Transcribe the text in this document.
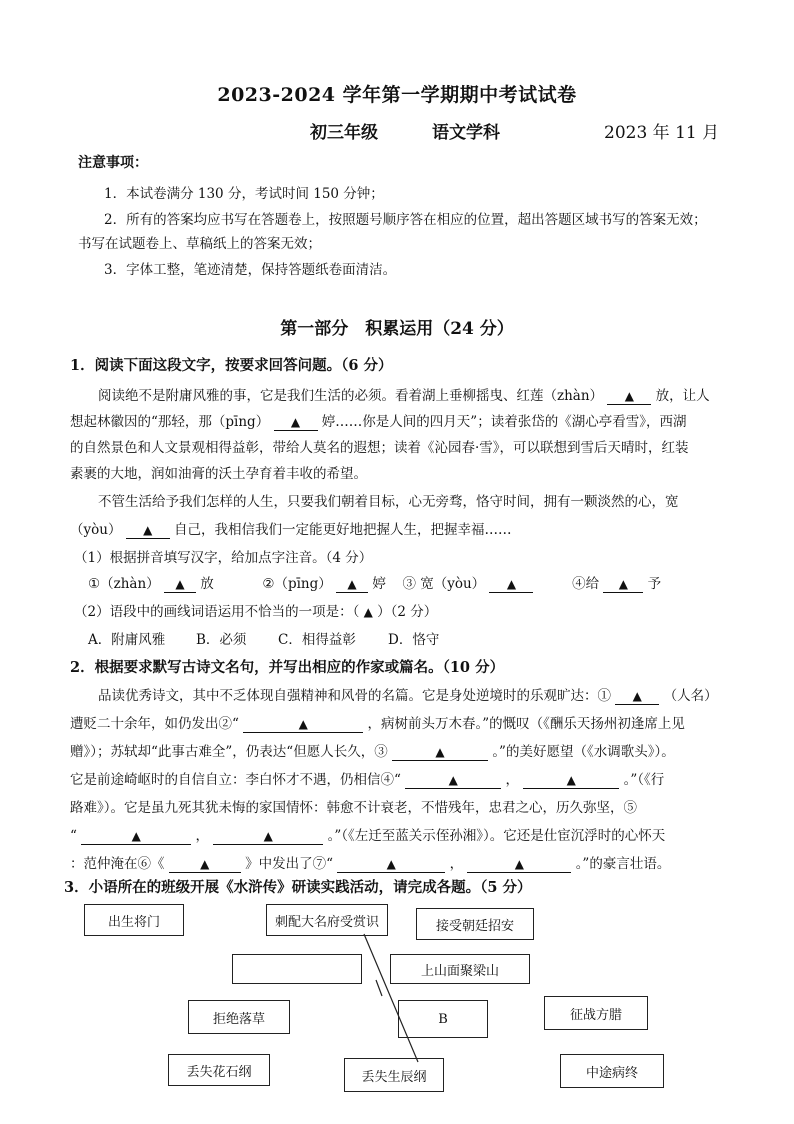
2023-2024 学年第一学期期中考试试卷
初三年级	语文学科	2023 年 11 月
注意事项：
1．本试卷满分 130 分，考试时间 150 分钟；
2．所有的答案均应书写在答题卷上，按照题号顺序答在相应的位置，超出答题区域书写的答案无效；
书写在试题卷上、草稿纸上的答案无效；
3．字体工整，笔迹清楚，保持答题纸卷面清洁。
第一部分　积累运用（24 分）
1．阅读下面这段文字，按要求回答问题。（6 分）
阅读绝不是附庸风雅的事，它是我们生活的必须。看着湖上垂柳摇曳、红莲（zhàn） ▲ 放，让人
想起林徽因的“那轻，那（pīng） ▲ 婷……你是人间的四月天”；读着张岱的《湖心亭看雪》，西湖
的自然景色和人文景观相得益彰，带给人莫名的遐想；读着《沁园春·雪》，可以联想到雪后天晴时，红装
素裹的大地，润如油膏的沃土孕育着丰收的希望。
不管生活给予我们怎样的人生，只要我们朝着目标，心无旁骛，恪守时间，拥有一颗淡然的心，宽
（yòu） ▲ 自己，我相信我们一定能更好地把握人生，把握幸福……
（1）根据拼音填写汉字，给加点字注音。（4 分）
①（zhàn） ▲ 放	②（pīng） ▲ 婷 ③ 宽（yòu） ▲	④给 ▲ 予
（2）语段中的画线词语运用不恰当的一项是：（ ▲ ）（2 分）
A．附庸风雅 B．必须 C．相得益彰 D．恪守
2．根据要求默写古诗文名句，并写出相应的作家或篇名。（10 分）
品读优秀诗文，其中不乏体现自强精神和风骨的名篇。它是身处逆境时的乐观旷达：① ▲ （人名）
遭贬二十余年，如仍发出②“	▲	，病树前头万木春。”的慨叹（《酬乐天扬州初逢席上见
赠》）；苏轼却“此事古难全”，仍表达“但愿人长久，③	▲	。”的美好愿望（《水调歌头》）。
它是前途崎岖时的自信自立：李白怀才不遇，仍相信④“	▲	，	▲	。”（《行
路难》）。它是虽九死其犹未悔的家国情怀：韩愈不计衰老，不惜残年，忠君之心，历久弥坚，⑤
“	▲	，	▲	。”（《左迁至蓝关示侄孙湘》）。它还是仕宦沉浮时的心怀天
：范仲淹在⑥《	▲	》中发出了⑦“	▲	，	▲	。”的豪言壮语。
3．小语所在的班级开展《水浒传》研读实践活动，请完成各题。（5 分）
出生将门	刺配大名府受赏识	接受朝廷招安
上山面聚梁山
拒绝落草	B	征战方腊
丢失花石纲	丢失生辰纲	中途病终
